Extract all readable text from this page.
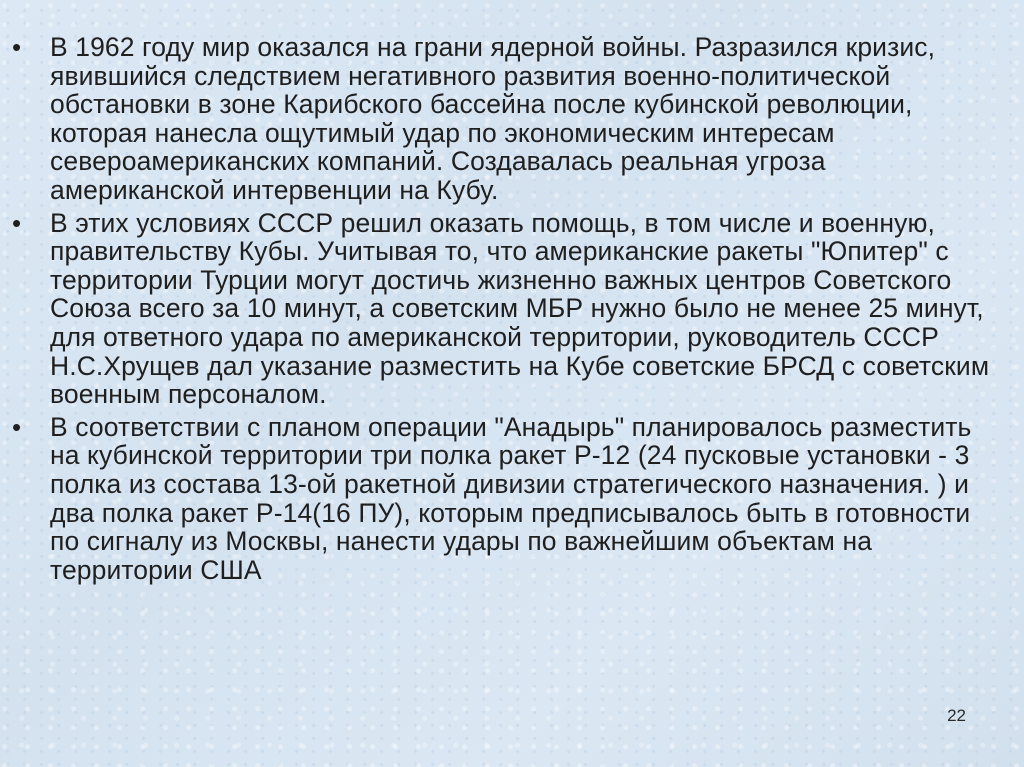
• В 1962 году мир оказался на грани ядерной войны. Разразился кризис, явившийся следствием негативного развития военно-политической обстановки в зоне Карибского бассейна после кубинской революции, которая нанесла ощутимый удар по экономическим интересам североамериканских компаний. Создавалась реальная угроза американской интервенции на Кубу.
• В этих условиях СССР решил оказать помощь, в том числе и военную, правительству Кубы. Учитывая то, что американские ракеты "Юпитер" с территории Турции могут достичь жизненно важных центров Советского Союза всего за 10 минут, а советским МБР нужно было не менее 25 минут, для ответного удара по американской территории, руководитель СССР Н.С.Хрущев дал указание разместить на Кубе советские БРСД с советским военным персоналом.
• В соответствии с планом операции "Анадырь" планировалось разместить на кубинской территории три полка ракет Р-12 (24 пусковые установки - 3 полка из состава 13-ой ракетной дивизии стратегического назначения. ) и два полка ракет Р-14(16 ПУ), которым предписывалось быть в готовности по сигналу из Москвы, нанести удары по важнейшим объектам на территории США
22
